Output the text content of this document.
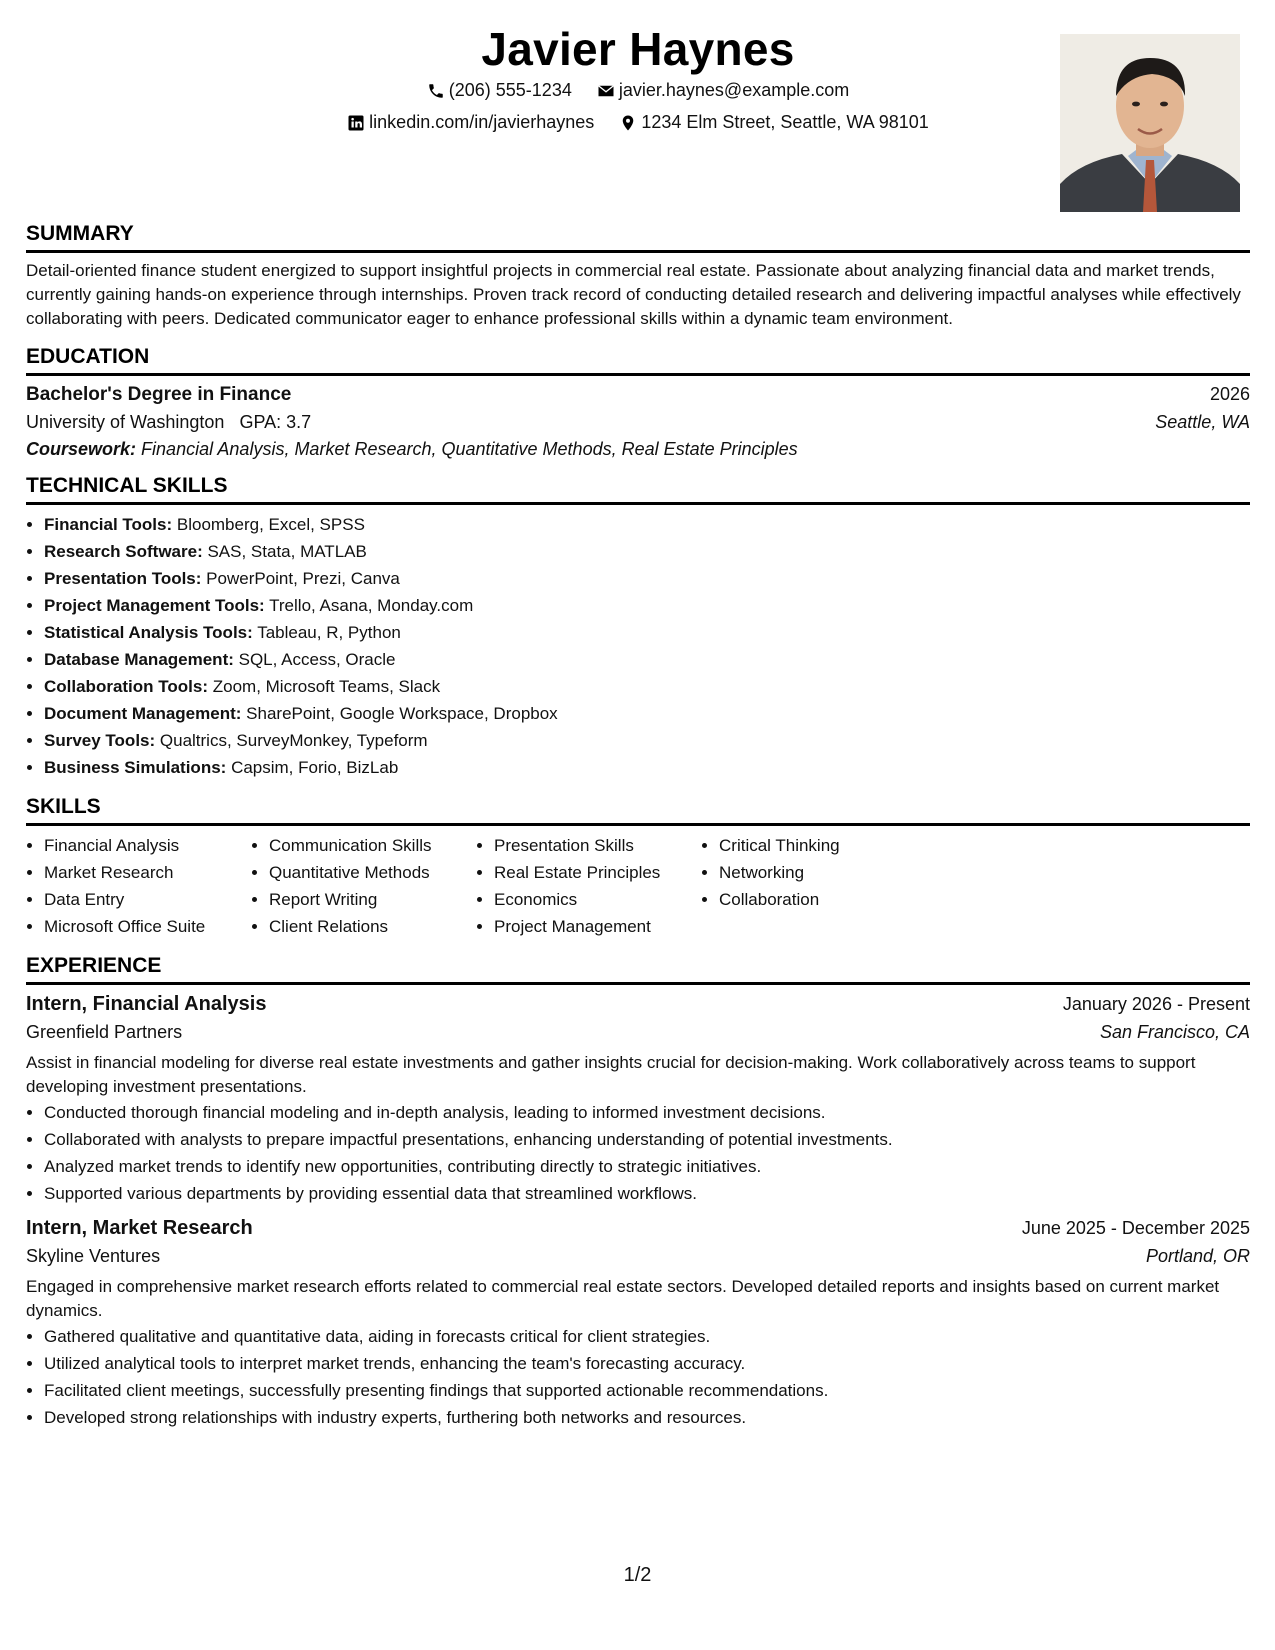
Javier Haynes
(206) 555-1234
	javier.haynes@example.com
linkedin.com/in/javierhaynes
	1234 Elm Street, Seattle, WA 98101
SUMMARY
Detail-oriented finance student energized to support insightful projects in commercial real estate. Passionate about analyzing financial data and market trends, currently gaining hands-on experience through internships. Proven track record of conducting detailed research and delivering impactful analyses while effectively collaborating with peers. Dedicated communicator eager to enhance professional skills within a dynamic team environment.
EDUCATION
Bachelor's Degree in Finance	2026
University of Washington GPA: 3.7	Seattle, WA
Coursework: Financial Analysis, Market Research, Quantitative Methods, Real Estate Principles
TECHNICAL SKILLS
• Financial Tools: Bloomberg, Excel, SPSS
• Research Software: SAS, Stata, MATLAB
• Presentation Tools: PowerPoint, Prezi, Canva
• Project Management Tools: Trello, Asana, Monday.com
• Statistical Analysis Tools: Tableau, R, Python
• Database Management: SQL, Access, Oracle
• Collaboration Tools: Zoom, Microsoft Teams, Slack
• Document Management: SharePoint, Google Workspace, Dropbox
• Survey Tools: Qualtrics, SurveyMonkey, Typeform
• Business Simulations: Capsim, Forio, BizLab
SKILLS
• Financial Analysis
• Market Research
• Data Entry
• Microsoft Office Suite
• Communication Skills
• Quantitative Methods
• Report Writing
• Client Relations
• Presentation Skills
• Real Estate Principles
• Economics
• Project Management
• Critical Thinking
• Networking
• Collaboration
EXPERIENCE
Intern, Financial Analysis	January 2026 - Present
Greenfield Partners	San Francisco, CA
Assist in financial modeling for diverse real estate investments and gather insights crucial for decision-making. Work collaboratively across teams to support developing investment presentations.
• Conducted thorough financial modeling and in-depth analysis, leading to informed investment decisions.
• Collaborated with analysts to prepare impactful presentations, enhancing understanding of potential investments.
• Analyzed market trends to identify new opportunities, contributing directly to strategic initiatives.
• Supported various departments by providing essential data that streamlined workflows.
Intern, Market Research	June 2025 - December 2025
Skyline Ventures	Portland, OR
Engaged in comprehensive market research efforts related to commercial real estate sectors. Developed detailed reports and insights based on current market dynamics.
• Gathered qualitative and quantitative data, aiding in forecasts critical for client strategies.
• Utilized analytical tools to interpret market trends, enhancing the team's forecasting accuracy.
• Facilitated client meetings, successfully presenting findings that supported actionable recommendations.
• Developed strong relationships with industry experts, furthering both networks and resources.
1/2
